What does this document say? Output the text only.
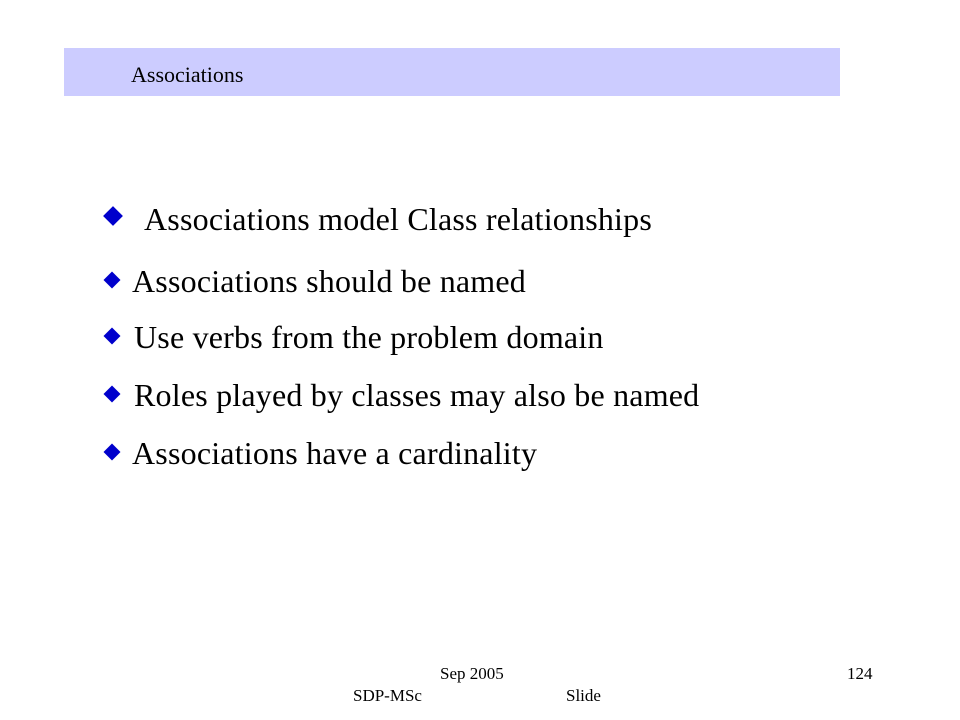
Associations
Associations model Class relationships
Associations should be named
Use verbs from the problem domain
Roles played by classes may also be named
Associations have a cardinality
Sep 2005	124
SDP-MSc	Slide
